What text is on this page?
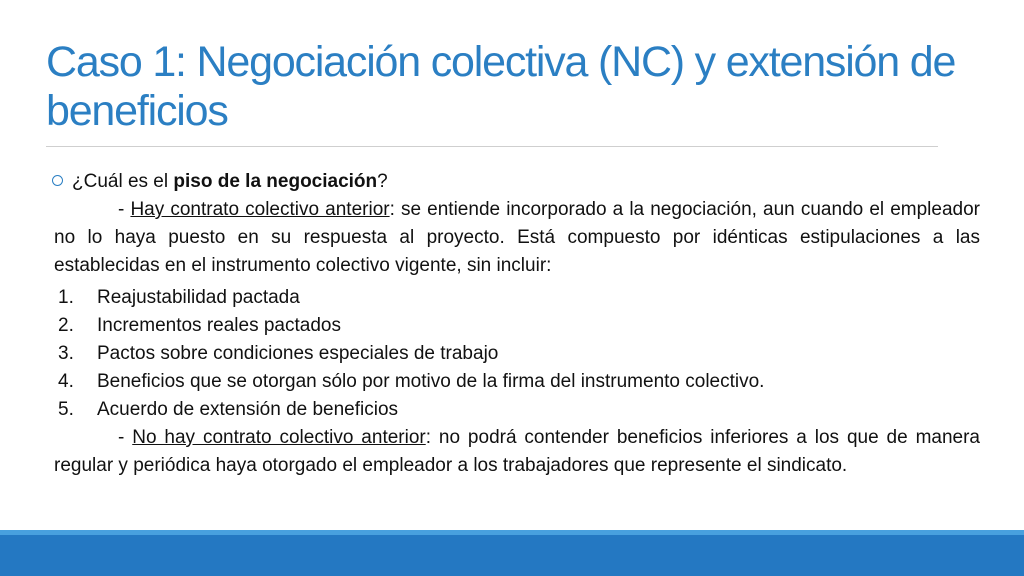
Caso 1: Negociación colectiva (NC) y extensión de beneficios
¿Cuál es el piso de la negociación?

- Hay contrato colectivo anterior: se entiende incorporado a la negociación, aun cuando el empleador no lo haya puesto en su respuesta al proyecto. Está compuesto por idénticas estipulaciones a las establecidas en el instrumento colectivo vigente, sin incluir:

1. Reajustabilidad pactada
2. Incrementos reales pactados
3. Pactos sobre condiciones especiales de trabajo
4. Beneficios que se otorgan sólo por motivo de la firma del instrumento colectivo.
5. Acuerdo de extensión de beneficios

- No hay contrato colectivo anterior: no podrá contender beneficios inferiores a los que de manera regular y periódica haya otorgado el empleador a los trabajadores que represente el sindicato.
